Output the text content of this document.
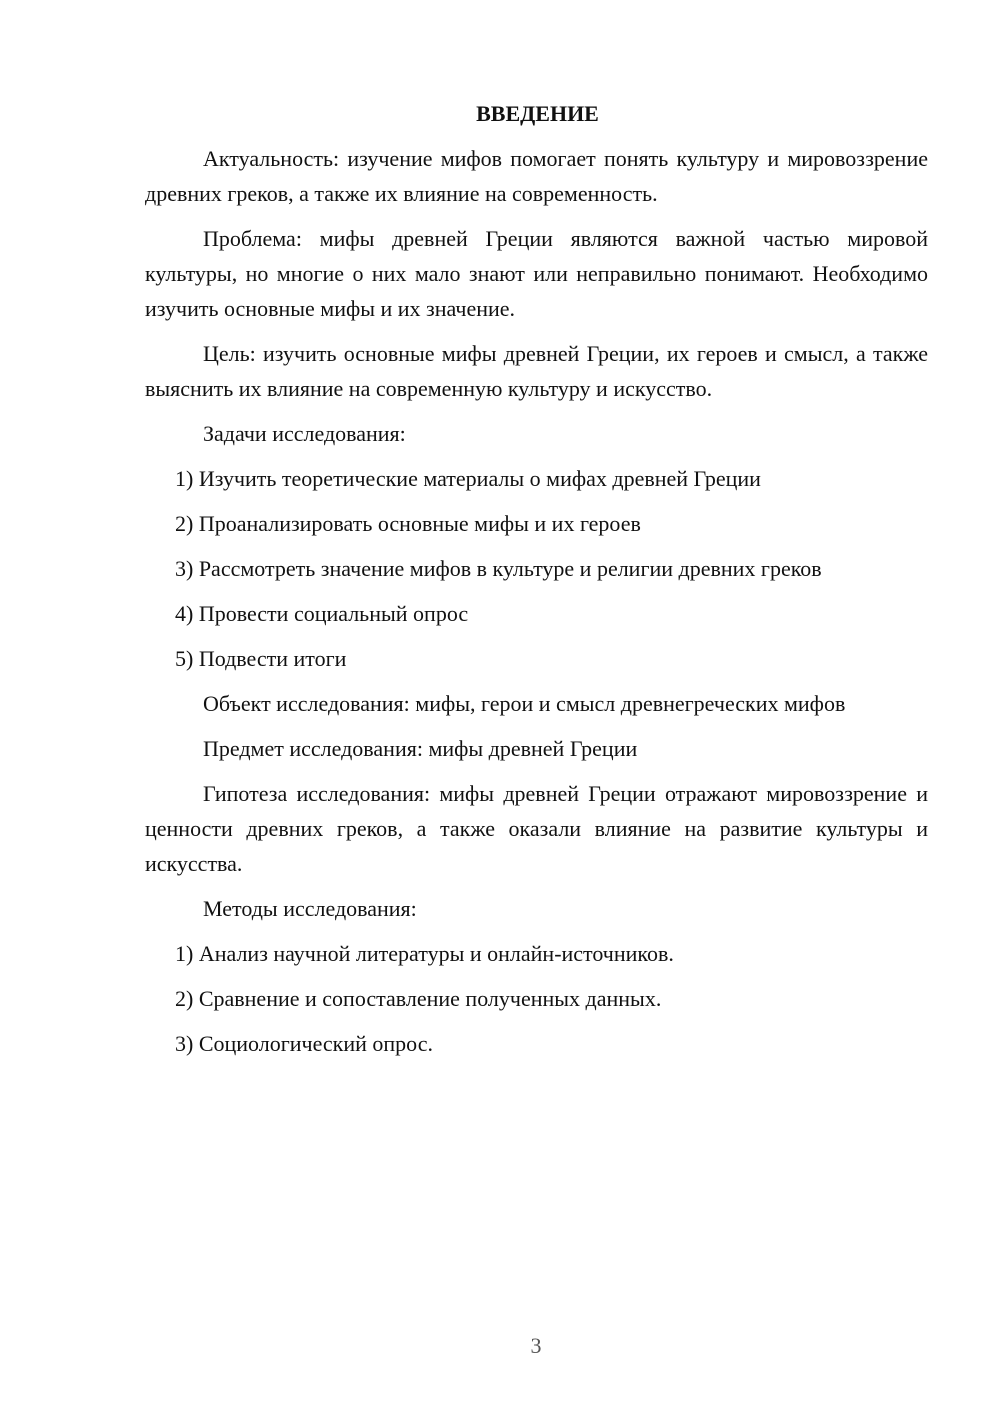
ВВЕДЕНИЕ
Актуальность: изучение мифов помогает понять культуру и мировоззрение древних греков, а также их влияние на современность.
Проблема: мифы древней Греции являются важной частью мировой культуры, но многие о них мало знают или неправильно понимают. Необходимо изучить основные мифы и их значение.
Цель: изучить основные мифы древней Греции, их героев и смысл, а также выяснить их влияние на современную культуру и искусство.
Задачи исследования:
1) Изучить теоретические материалы о мифах древней Греции
2) Проанализировать основные мифы и их героев
3) Рассмотреть значение мифов в культуре и религии древних греков
4) Провести социальный опрос
5) Подвести итоги
Объект исследования: мифы, герои и смысл древнегреческих мифов
Предмет исследования: мифы древней Греции
Гипотеза исследования: мифы древней Греции отражают мировоззрение и ценности древних греков, а также оказали влияние на развитие культуры и искусства.
Методы исследования:
1) Анализ научной литературы и онлайн-источников.
2) Сравнение и сопоставление полученных данных.
3) Социологический опрос.
3
